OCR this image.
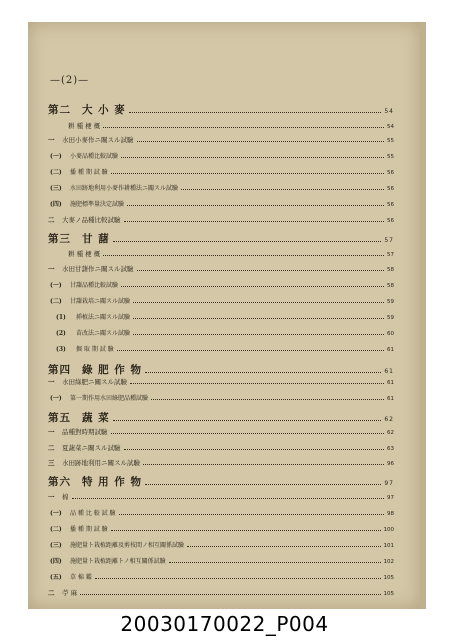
—(2)—
第二	大 小 麥	54
耕 種 梗 概	54
一	水田小麥作ニ關スル試驗	55
(一)	小麥品種比較試驗	55
(二)	播 種 期 試 驗	56
(三)	水田跡地利用小麥作耕種法ニ關スル試驗	56
(四)	施肥標準量決定試驗	56
二	大麥ノ品種比較試驗	56
第三	甘 藷	57
耕 種 梗 概	57
一	水田甘藷作ニ關スル試驗	58
(一)	甘藷品種比較試驗	58
(二)	甘藷栽培ニ關スル試驗	59
(1)	挿植法ニ關スル試驗	59
(2)	苗改法ニ關スル試驗	60
(3)	掘 取 期 試 驗	61
第四	綠 肥 作 物	61
一	水田綠肥ニ關スル試驗	61
(一)	第一期作用水田綠肥品種試驗	61
第五	蔬 菜	62
一	品種對時期試驗	62
二	夏蔬菜ニ關スル試驗	63
三	水田跡地利用ニ關スル試驗	96
第六	特 用 作 物	97
一	棉	97
(一)	品 種 比 較 試 驗	98
(二)	播 種 期 試 驗	100
(三)	施肥量ト栽植距離及剪枝間ノ相互關係試驗	101
(四)	施肥量ト栽植距離トノ相互關係試驗	102
(五)	草 棉 鑑	105
二	苧 麻	105
20030170022_P004
